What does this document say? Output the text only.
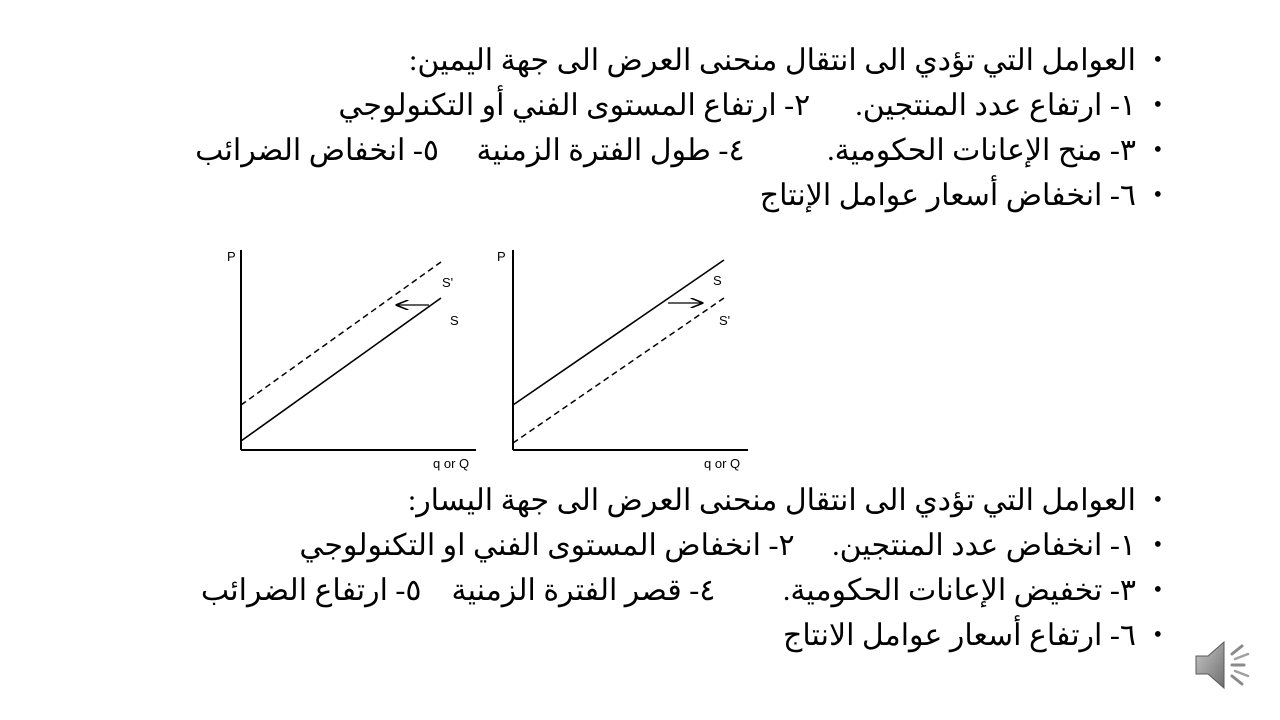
• العوامل التي تؤدي الى انتقال منحنى العرض الى جهة اليمين:
• ١- ارتفاع عدد المنتجين.      ٢- ارتفاع المستوى الفني أو التكنولوجي
• ٣- منح الإعانات الحكومية.           ٤- طول الفترة الزمنية     ٥- انخفاض الضرائب
• ٦- انخفاض أسعار عوامل الإنتاج
P
q or Q
S
S'
P
q or Q
S
S'
• العوامل التي تؤدي الى انتقال منحنى العرض الى جهة اليسار:
• ١- انخفاض عدد المنتجين.     ٢- انخفاض المستوى الفني او التكنولوجي
• ٣- تخفيض الإعانات الحكومية.         ٤- قصر الفترة الزمنية    ٥- ارتفاع الضرائب
• ٦- ارتفاع أسعار عوامل الانتاج
